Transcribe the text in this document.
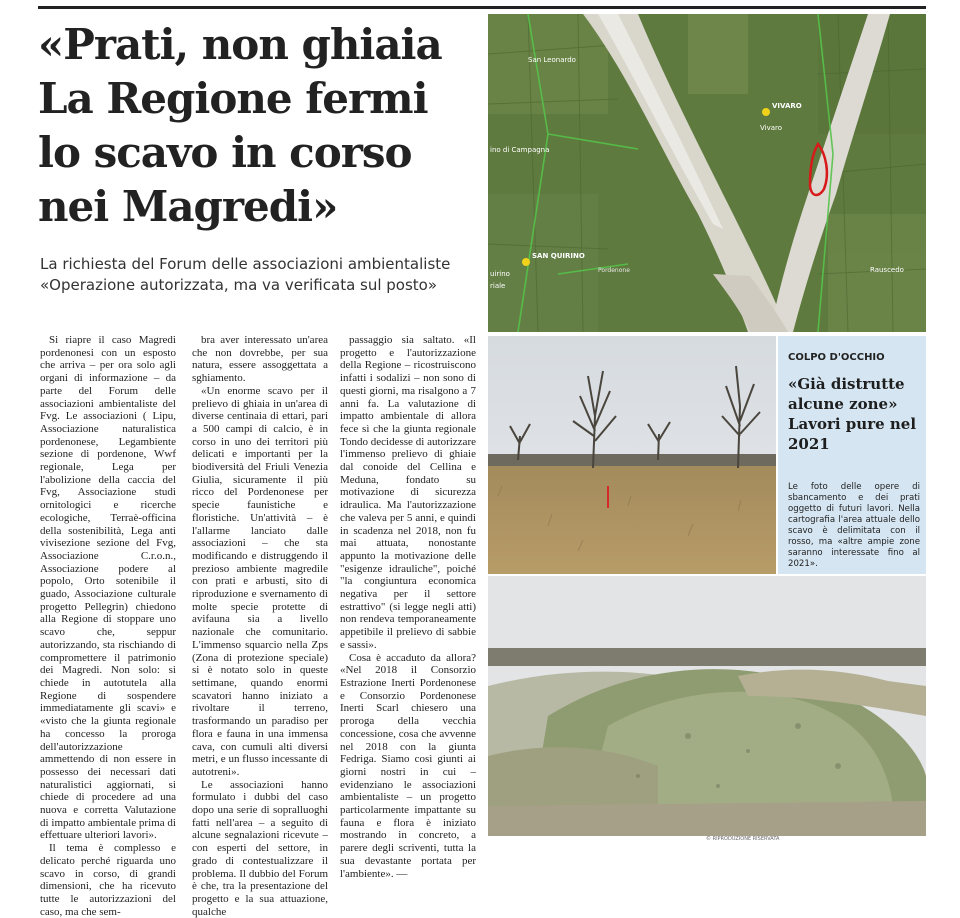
«Prati, non ghiaia
La Regione fermi
lo scavo in corso
nei Magredi»
La richiesta del Forum delle associazioni ambientaliste
«Operazione autorizzata, ma va verificata sul posto»

Si riapre il caso Magredi pordenonesi con un esposto che arriva – per ora solo agli organi di informazione – da parte del Forum delle associazioni ambientaliste del Fvg. Le associazioni ( Lipu, Associazione naturalistica pordenonese, Legambiente sezione di pordenone, Wwf regionale, Lega per l'abolizione della caccia del Fvg, Associazione studi ornitologici e ricerche ecologiche, Terraè-officina della sostenibilità, Lega anti vivisezione sezione del Fvg, Associazione C.r.o.n., Associazione podere al popolo, Orto sotenibile il guado, Associazione culturale progetto Pellegrin) chiedono alla Regione di stoppare uno scavo che, seppur autorizzando, sta rischiando di compromettere il patrimonio dei Magredi. Non solo: si chiede in autotutela alla Regione di sospendere immediatamente gli scavi» e «visto che la giunta regionale ha concesso la proroga dell'autorizzazione ammettendo di non essere in possesso dei necessari dati naturalistici aggiornati, si chiede di procedere ad una nuova e corretta Valutazione di impatto ambientale prima di effettuare ulteriori lavori».

Il tema è complesso e delicato perché riguarda uno scavo in corso, di grandi dimensioni, che ha ricevuto tutte le autorizzazioni del caso, ma che sem-

bra aver interessato un'area che non dovrebbe, per sua natura, essere assoggettata a sghiamento.

«Un enorme scavo per il prelievo di ghiaia in un'area di diverse centinaia di ettari, pari a 500 campi di calcio, è in corso in uno dei territori più delicati e importanti per la biodiversità del Friuli Venezia Giulia, sicuramente il più ricco del Pordenonese per specie faunistiche e floristiche. Un'attività – è l'allarme lanciato dalle associazioni – che sta modificando e distruggendo il prezioso ambiente magredile con prati e arbusti, sito di riproduzione e svernamento di molte specie protette di avifauna sia a livello nazionale che comunitario. L'immenso squarcio nella Zps (Zona di protezione speciale) si è notato solo in queste settimane, quando enormi scavatori hanno iniziato a rivoltare il terreno, trasformando un paradiso per flora e fauna in una immensa cava, con cumuli alti diversi metri, e un flusso incessante di autotreni».

Le associazioni hanno formulato i dubbi del caso dopo una serie di sopralluoghi fatti nell'area – a seguito di alcune segnalazioni ricevute – con esperti del settore, in grado di contestualizzare il problema. Il dubbio del Forum è che, tra la presentazione del progetto e la sua attuazione, qualche

passaggio sia saltato. «Il progetto e l'autorizzazione della Regione – ricostruiscono infatti i sodalizi – non sono di questi giorni, ma risalgono a 7 anni fa. La valutazione di impatto ambientale di allora fece sì che la giunta regionale Tondo decidesse di autorizzare l'immenso prelievo di ghiaie dal conoide del Cellina e Meduna, fondato su motivazione di sicurezza idraulica. Ma l'autorizzazione che valeva per 5 anni, e quindi in scadenza nel 2018, non fu mai attuata, nonostante appunto la motivazione delle "esigenze idrauliche", poiché "la congiuntura economica negativa per il settore estrattivo" (si legge negli atti) non rendeva temporaneamente appetibile il prelievo di sabbie e sassi».

Cosa è accaduto da allora? «Nel 2018 il Consorzio Estrazione Inerti Pordenonese e Consorzio Pordenonese Inerti Scarl chiesero una proroga della vecchia concessione, cosa che avvenne nel 2018 con la giunta Fedriga. Siamo così giunti ai giorni nostri in cui – evidenziano le associazioni ambientaliste – un progetto particolarmente impattante su fauna e flora è iniziato mostrando in concreto, a parere degli scriventi, tutta la sua devastante portata per l'ambiente». —

San Leonardo
VIVARO
Vivaro
ino di Campagna
SAN QUIRINO
Pordenone	Rauscedo
uirino
riale
COLPO D'OCCHIO
«Già distrutte alcune zone» Lavori pure nel 2021
Le foto delle opere di sbancamento e dei prati oggetto di futuri lavori. Nella cartografia l'area attuale dello scavo è delimitata con il rosso, ma «altre ampie zone saranno interessate fino al 2021».
© RIPRODUZIONE RISERVATA
